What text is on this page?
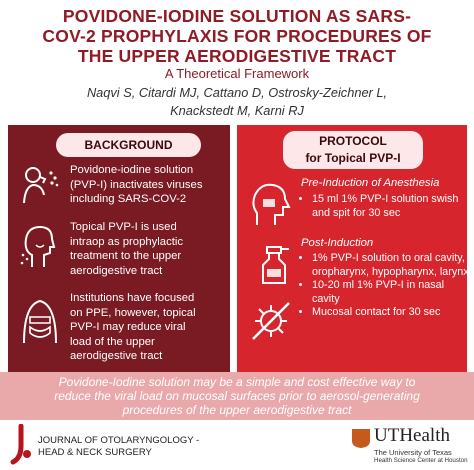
POVIDONE-IODINE SOLUTION AS SARS-
COV-2 PROPHYLAXIS FOR PROCEDURES OF
THE UPPER AERODIGESTIVE TRACT
A Theoretical Framework
Naqvi S, Citardi MJ, Cattano D, Ostrosky-Zeichner L,
Knackstedt M, Karni RJ
BACKGROUND
Povidone-iodine solution
(PVP-I) inactivates viruses
including SARS-COV-2
Topical PVP-I is used
intraop as prophylactic
treatment to the upper
aerodigestive tract
Institutions have focused
on PPE, however, topical
PVP-I may reduce viral
load of the upper
aerodigestive tract
PROTOCOL
for Topical PVP-I
Pre-Induction of Anesthesia
• 15 ml 1% PVP-I solution swish and spit for 30 sec
Post-Induction
• 1% PVP-I solution to oral cavity, oropharynx, hypopharynx, larynx
• 10-20 ml 1% PVP-I in nasal cavity
• Mucosal contact for 30 sec
Povidone-Iodine solution may be a simple and cost effective way to
reduce the viral load on mucosal surfaces prior to aerosol-generating
procedures of the upper aerodigestive tract
JOURNAL OF OTOLARYNGOLOGY -
HEAD & NECK SURGERY
UTHealth
The University of Texas
Health Science Center at Houston
